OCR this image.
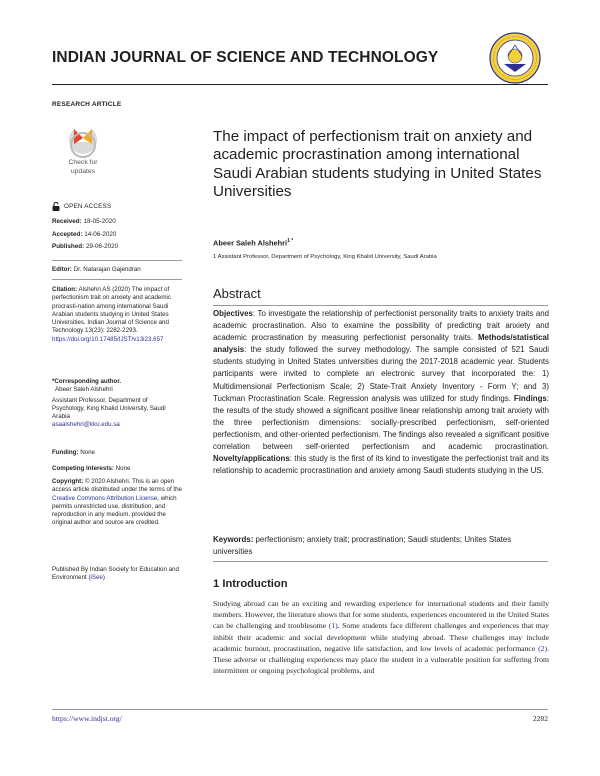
INDIAN JOURNAL OF SCIENCE AND TECHNOLOGY
RESEARCH ARTICLE
Check for
updates
OPEN ACCESS
Received: 18-05-2020
Accepted: 14-06-2020
Published: 29-06-2020
Editor: Dr. Natarajan Gajendran
Citation: Alshehri AS (2020) The impact of perfectionism trait on anxiety and academic procrasti-nation among international Saudi Arabian students studying in United States Universities. Indian Journal of Science and Technology 13(23): 2282-2293. https://doi.org/10.17485/IJST/v13i23.657
*Corresponding author.
Abeer Saleh Alshehri
Assistant Professor, Department of Psychology, King Khalid University, Saudi Arabia
asaalshehri@kku.edu.sa
Funding: None
Competing Interests: None
Copyright: © 2020 Alshehri. This is an open access article distributed under the terms of the Creative Commons Attribution License, which permits unrestricted use, distribution, and reproduction in any medium, provided the original author and source are credited.
Published By Indian Society for Education and Environment (iSee)
The impact of perfectionism trait on anxiety and academic procrastination among international Saudi Arabian students studying in United States Universities
Abeer Saleh Alshehri$^{1 *}$
1 Assistant Professor, Department of Psychology, King Khalid University, Saudi Arabia
Abstract
Objectives: To investigate the relationship of perfectionist personality traits to anxiety traits and academic procrastination. Also to examine the possibility of predicting trait anxiety and academic procrastination by measuring perfectionist personality traits. Methods/statistical analysis: the study followed the survey methodology. The sample consisted of 521 Saudi students studying in United States universities during the 2017-2018 academic year. Students participants were invited to complete an electronic survey that incorporated the: 1) Multidimensional Perfectionism Scale; 2) State-Trait Anxiety Inventory - Form Y; and 3) Tuckman Procrastination Scale. Regression analysis was utilized for study findings. Findings: the results of the study showed a significant positive linear relationship among trait anxiety with the three perfectionism dimensions: socially-prescribed perfectionism, self-oriented perfectionism, and other-oriented perfectionism. The findings also revealed a significant positive correlation between self-oriented perfectionism and academic procrastination. Novelty/applications: this study is the first of its kind to investigate the perfectionist trait and its relationship to academic procrastination and anxiety among Saudi students studying in the US.
Keywords: perfectionism; anxiety trait; procrastination; Saudi students; Unites States universities
1 Introduction
Studying abroad can be an exciting and rewarding experience for international students and their family members. However, the literature shows that for some students, experiences encountered in the United States can be challenging and troublesome (1). Some students face different challenges and experiences that may inhibit their academic and social development while studying abroad. These challenges may include academic burnout, procrastination, negative life satisfaction, and low levels of academic performance (2). These adverse or challenging experiences may place the student in a vulnerable position for suffering from intermittent or ongoing psychological problems, and
https://www.indjst.org/	2282
